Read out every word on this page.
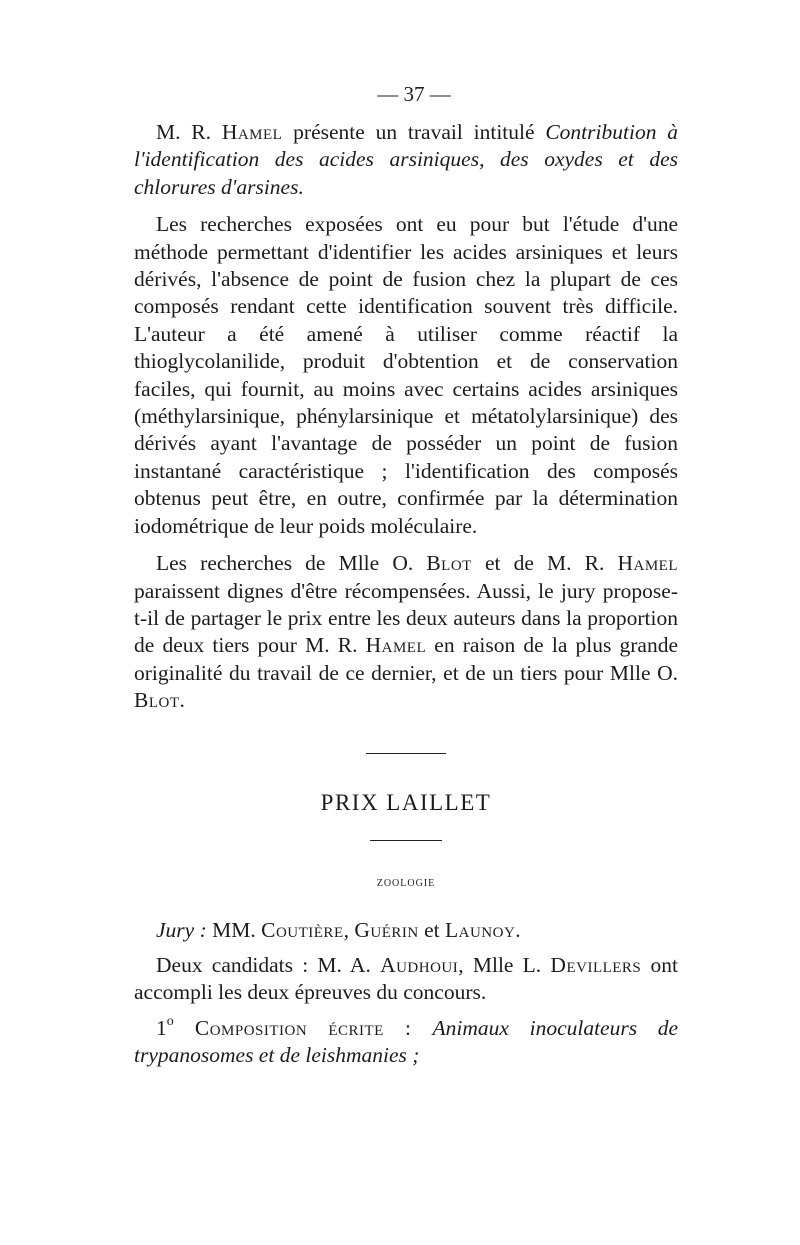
— 37 —

M. R. Hamel présente un travail intitulé Contribution à l'identification des acides arsiniques, des oxydes et des chlorures d'arsines.

Les recherches exposées ont eu pour but l'étude d'une méthode permettant d'identifier les acides arsiniques et leurs dérivés, l'absence de point de fusion chez la plupart de ces composés rendant cette identification souvent très difficile. L'auteur a été amené à utiliser comme réactif la thioglycolanilide, produit d'obtention et de conservation faciles, qui fournit, au moins avec certains acides arsiniques (méthylarsinique, phénylarsinique et métatolylarsinique) des dérivés ayant l'avantage de posséder un point de fusion instantané caractéristique ; l'identification des composés obtenus peut être, en outre, confirmée par la détermination iodométrique de leur poids moléculaire.

Les recherches de Mlle O. Blot et de M. R. Hamel paraissent dignes d'être récompensées. Aussi, le jury propose-t-il de partager le prix entre les deux auteurs dans la proportion de deux tiers pour M. R. Hamel en raison de la plus grande originalité du travail de ce dernier, et de un tiers pour Mlle O. Blot.

PRIX LAILLET
zoologie

Jury : MM. Coutière, Guérin et Launoy.

Deux candidats : M. A. Audhoui, Mlle L. Devillers ont accompli les deux épreuves du concours.

1$^o$ Composition écrite : Animaux inoculateurs de trypanosomes et de leishmanies ;
